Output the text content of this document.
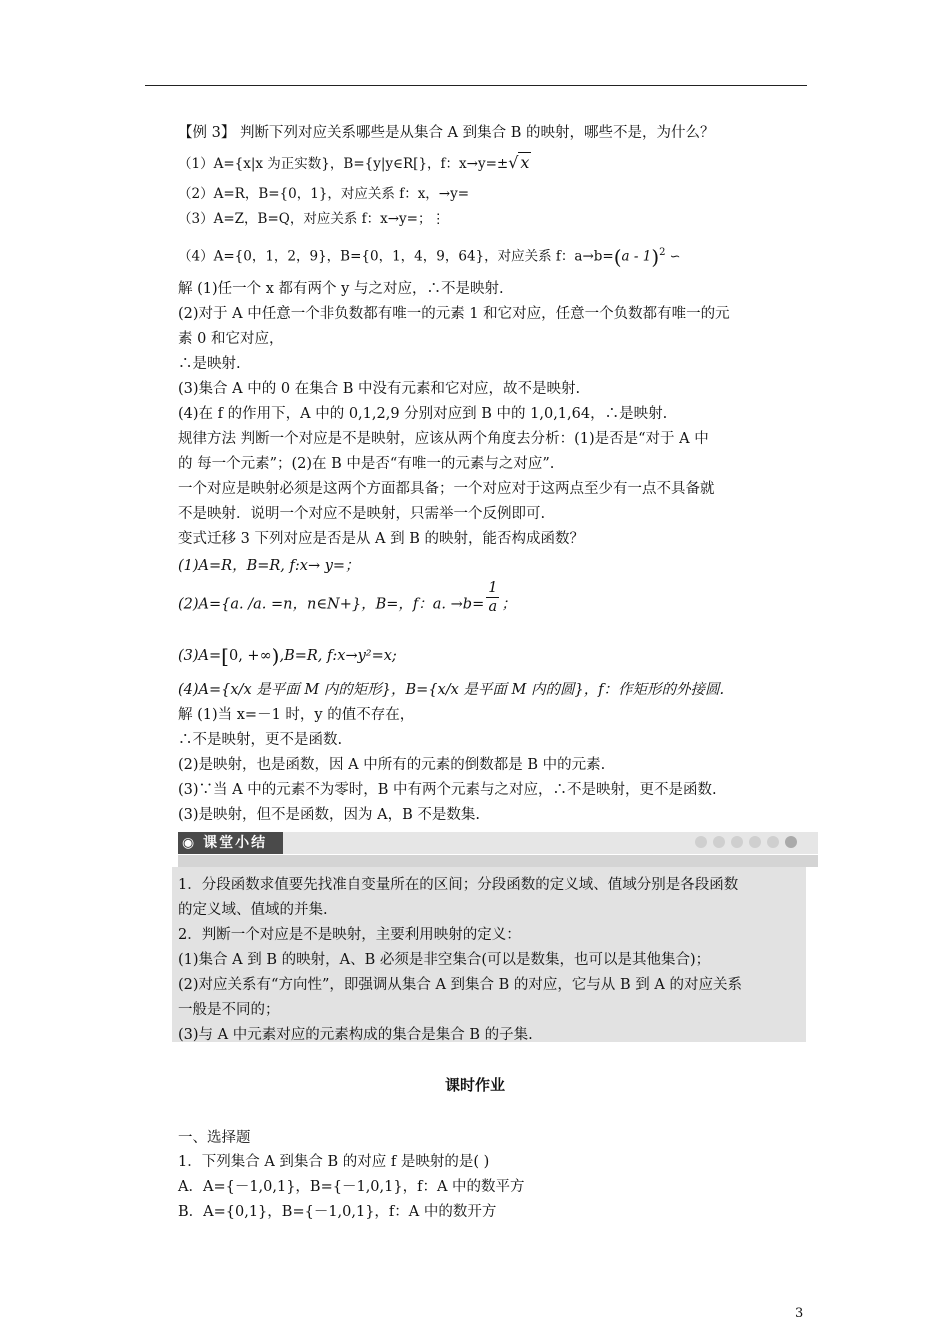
【例 3】 判断下列对应关系哪些是从集合 A 到集合 B 的映射，哪些不是，为什么？
（1）A={x|x 为正实数}，B={y|y∈R[}，f：x→y=±√ x
（2）A=R，B={0，1}，对应关系 f：x，→y=
（3）A=Z，B=Q，对应关系 f：x→y=；⋮
（4）A={0，1，2，9}，B={0，1，4，9，64}，对应关系 f：a→b=(a - 1)$^2$ ∽
解 (1)任一个 x 都有两个 y 与之对应，∴不是映射.
(2)对于 A 中任意一个非负数都有唯一的元素 1 和它对应，任意一个负数都有唯一的元
素 0 和它对应，
∴是映射.
(3)集合 A 中的 0 在集合 B 中没有元素和它对应，故不是映射.
(4)在 f 的作用下，A 中的 0,1,2,9 分别对应到 B 中的 1,0,1,64，∴是映射.
规律方法 判断一个对应是不是映射，应该从两个角度去分析：(1)是否是“对于 A 中
的 每一个元素”；(2)在 B 中是否“有唯一的元素与之对应”.
一个对应是映射必须是这两个方面都具备；一个对应对于这两点至少有一点不具备就
不是映射．说明一个对应不是映射，只需举一个反例即可.
变式迁移 3 下列对应是否是从 A 到 B 的映射，能否构成函数？
(1)A=R，B=R, f:x→ y=；
(2)A={a. /a. =n，n∈N+}，B=，f：a. $\to b= \frac{1}{a}$ ；
(3)A=[0, +∞),B=R, f:x→y²=x;
(4)A={x/x 是平面 M 内的矩形}，B={x/x 是平面 M 内的圆}，f：作矩形的外接圆.
解 (1)当 x=－1 时，y 的值不存在，
∴不是映射，更不是函数.
(2)是映射，也是函数，因 A 中所有的元素的倒数都是 B 中的元素.
(3)∵当 A 中的元素不为零时，B 中有两个元素与之对应，∴不是映射，更不是函数.
(3)是映射，但不是函数，因为 A，B 不是数集.
◉ 课堂小结
1．分段函数求值要先找准自变量所在的区间；分段函数的定义域、值域分别是各段函数
的定义域、值域的并集.
2．判断一个对应是不是映射，主要利用映射的定义：
(1)集合 A 到 B 的映射，A、B 必须是非空集合(可以是数集，也可以是其他集合)；
(2)对应关系有“方向性”，即强调从集合 A 到集合 B 的对应，它与从 B 到 A 的对应关系
一般是不同的；
(3)与 A 中元素对应的元素构成的集合是集合 B 的子集.
课时作业
一、选择题
1．下列集合 A 到集合 B 的对应 f 是映射的是( )
A．A={－1,0,1}，B={－1,0,1}，f：A 中的数平方
B．A={0,1}，B={－1,0,1}，f：A 中的数开方
3
